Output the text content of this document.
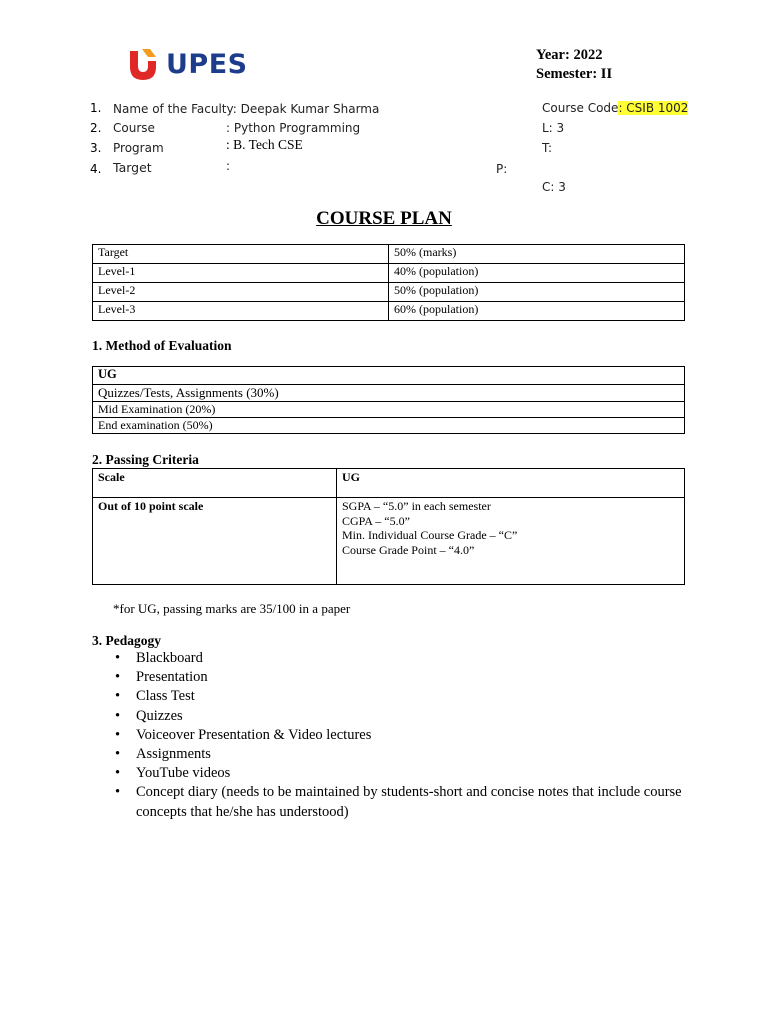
UPES	Year: 2022
Semester: II
1. Name of the Faculty: Deepak Kumar Sharma
2. Course	: Python Programming
3. Program	: B. Tech CSE
4. Target	:	P:
Course Code: CSIB 1002
L: 3
T:
C: 3
COURSE PLAN
Target	50% (marks)
Level-1	40% (population)
Level-2	50% (population)
Level-3	60% (population)
1. Method of Evaluation
UG
Quizzes/Tests, Assignments (30%)
Mid Examination (20%)
End examination (50%)
2. Passing Criteria
Scale	UG
Out of 10 point scale	SGPA – “5.0” in each semester
CGPA – “5.0”
Min. Individual Course Grade – “C”
Course Grade Point – “4.0”
*for UG, passing marks are 35/100 in a paper
3. Pedagogy
• Blackboard
• Presentation
• Class Test
• Quizzes
• Voiceover Presentation & Video lectures
• Assignments
• YouTube videos
• Concept diary (needs to be maintained by students-short and concise notes that include course concepts that he/she has understood)
